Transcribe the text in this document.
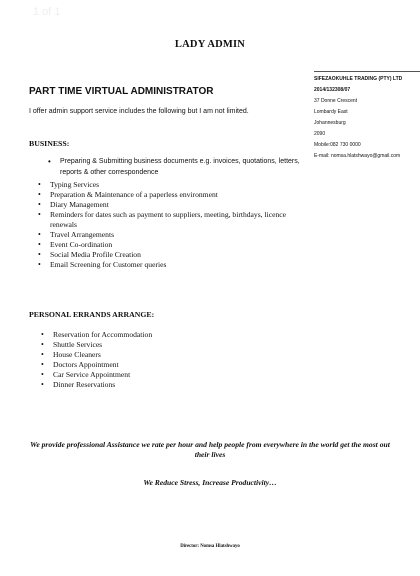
1 of 1
LADY ADMIN
PART TIME VIRTUAL ADMINISTRATOR
I offer admin support service includes the following but I am not limited.
SIFEZAOKUHLE TRADING (PTY) LTD
2014/132308/07
37 Donne Crescent
Lombardy East
Johannesburg
2090
Mobile:082 730 0000
E-mail: nomsa.hlatshwayo@gmail.com
BUSINESS:
• Preparing & Submitting business documents e.g. invoices, quotations, letters, reports & other correspondence
• Typing Services
• Preparation & Maintenance of a paperless environment
• Diary Management
• Reminders for dates such as payment to suppliers, meeting, birthdays, licence renewals
• Travel Arrangements
• Event Co-ordination
• Social Media Profile Creation
• Email Screening for Customer queries
PERSONAL ERRANDS ARRANGE:
• Reservation for Accommodation
• Shuttle Services
• House Cleaners
• Doctors Appointment
• Car Service Appointment
• Dinner Reservations
We provide professional Assistance we rate per hour and help people from everywhere in the world get the most out their lives
We Reduce Stress, Increase Productivity…
Director: Nomsa Hlatshwayo
